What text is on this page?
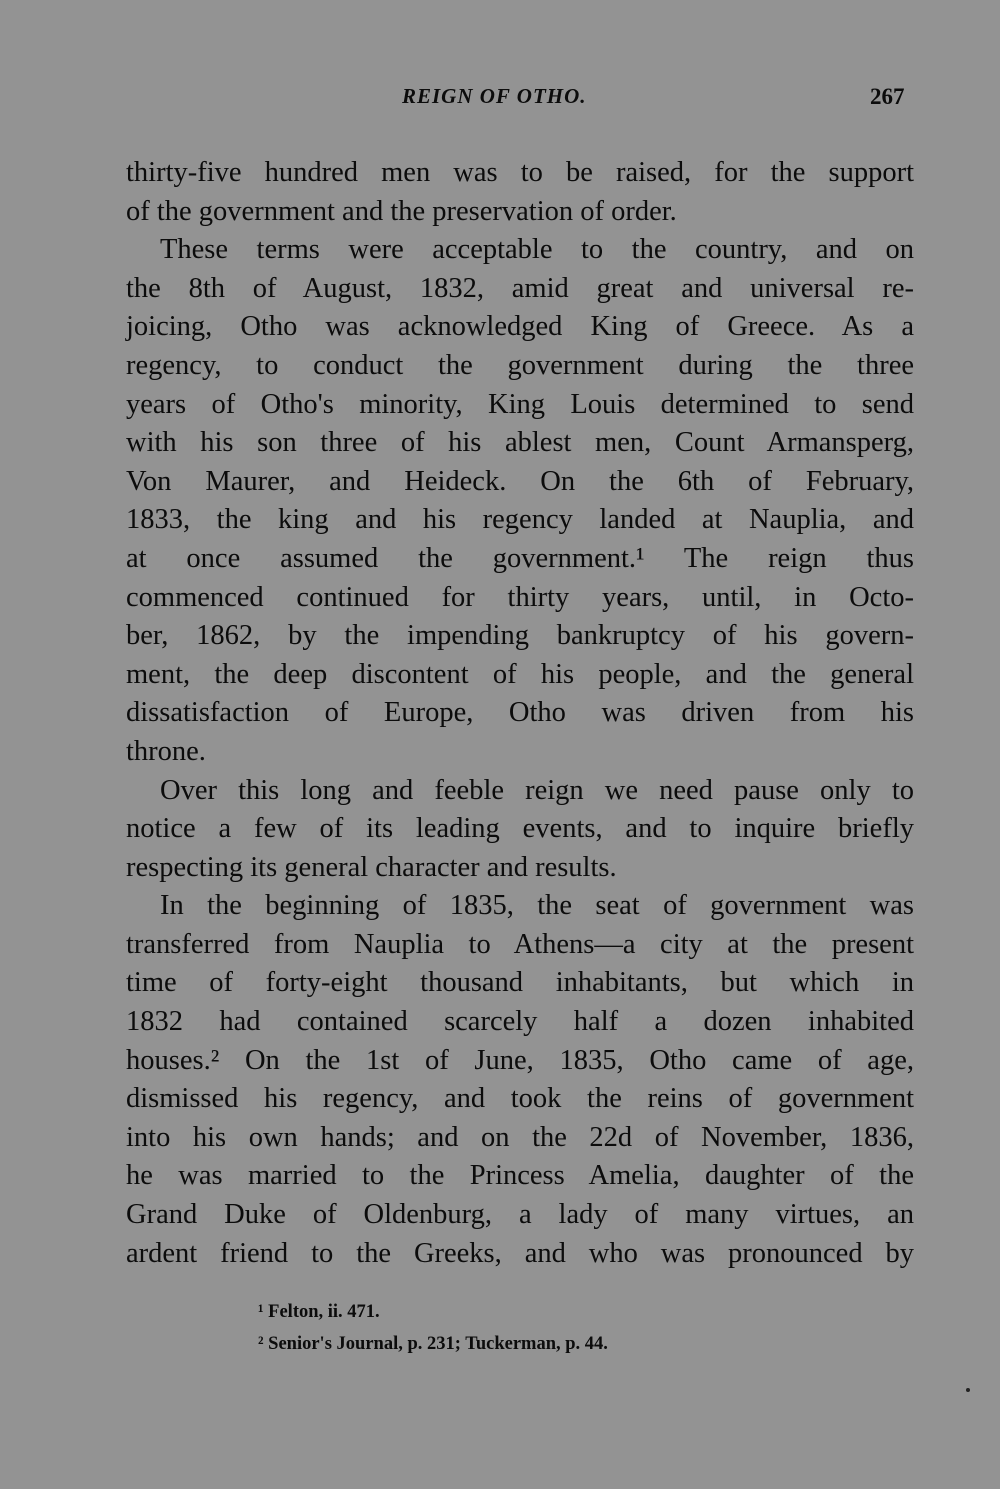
REIGN OF OTHO.	267
thirty-five hundred men was to be raised, for the support
of the government and the preservation of order.
These terms were acceptable to the country, and on
the 8th of August, 1832, amid great and universal re-
joicing, Otho was acknowledged King of Greece. As a
regency, to conduct the government during the three
years of Otho's minority, King Louis determined to send
with his son three of his ablest men, Count Armansperg,
Von Maurer, and Heideck. On the 6th of February,
1833, the king and his regency landed at Nauplia, and
at once assumed the government.¹ The reign thus
commenced continued for thirty years, until, in Octo-
ber, 1862, by the impending bankruptcy of his govern-
ment, the deep discontent of his people, and the general
dissatisfaction of Europe, Otho was driven from his
throne.
Over this long and feeble reign we need pause only to
notice a few of its leading events, and to inquire briefly
respecting its general character and results.
In the beginning of 1835, the seat of government was
transferred from Nauplia to Athens—a city at the present
time of forty-eight thousand inhabitants, but which in
1832 had contained scarcely half a dozen inhabited
houses.² On the 1st of June, 1835, Otho came of age,
dismissed his regency, and took the reins of government
into his own hands; and on the 22d of November, 1836,
he was married to the Princess Amelia, daughter of the
Grand Duke of Oldenburg, a lady of many virtues, an
ardent friend to the Greeks, and who was pronounced by
¹ Felton, ii. 471.
² Senior's Journal, p. 231; Tuckerman, p. 44.
